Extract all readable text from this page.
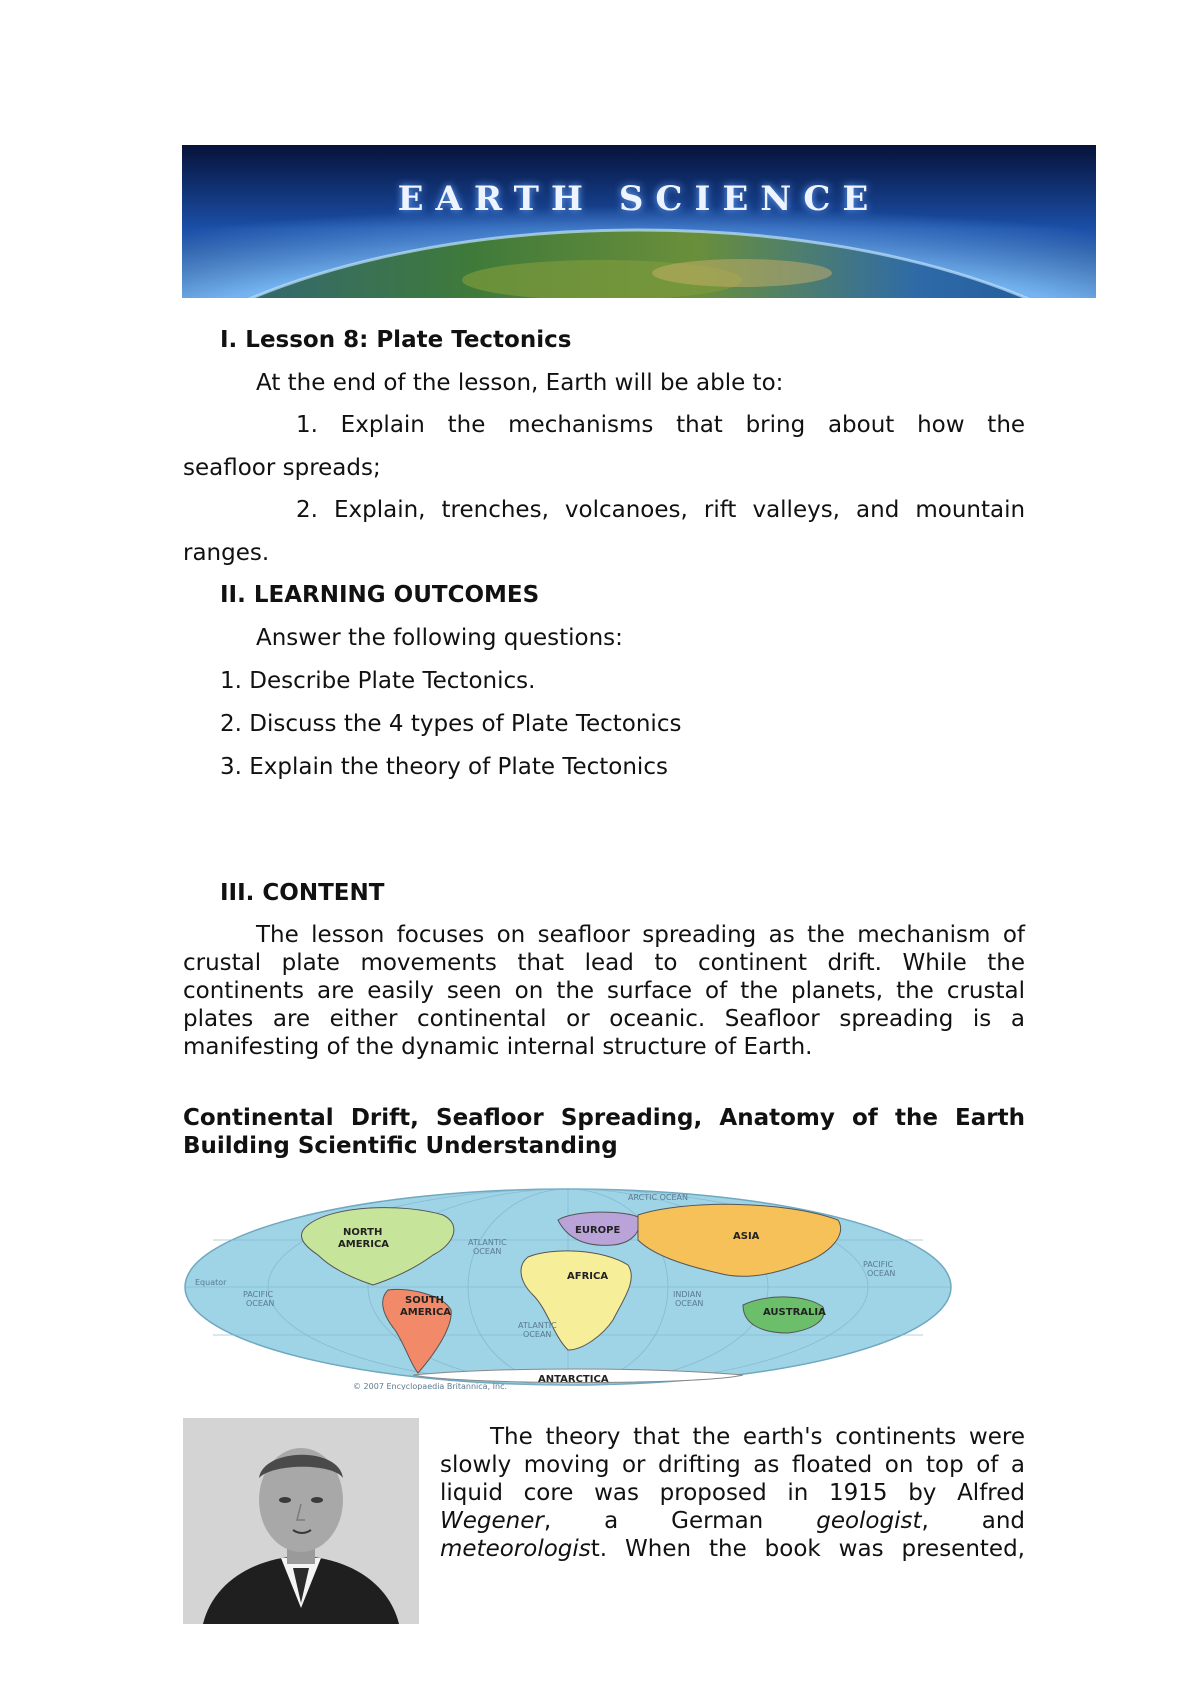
EARTH SCIENCE
I. Lesson 8: Plate Tectonics
At the end of the lesson, Earth will be able to:
1. Explain the mechanisms that bring about how the
seafloor spreads;
2. Explain, trenches, volcanoes, rift valleys, and mountain
ranges.
II. LEARNING OUTCOMES
Answer the following questions:
1. Describe Plate Tectonics.
2. Discuss the 4 types of Plate Tectonics
3. Explain the theory of Plate Tectonics
III. CONTENT
The lesson focuses on seafloor spreading as the mechanism of
crustal plate movements that lead to continent drift. While the
continents are easily seen on the surface of the planets, the crustal
plates are either continental or oceanic. Seafloor spreading is a
manifesting of the dynamic internal structure of Earth.
Continental Drift, Seafloor Spreading, Anatomy of the Earth
Building Scientific Understanding
NORTH
AMERICA
SOUTH
AMERICA
EUROPE
ASIA
AFRICA
AUSTRALIA
ANTARCTICA
ARCTIC OCEAN
ATLANTIC
OCEAN
ATLANTIC
OCEAN
PACIFIC
OCEAN
PACIFIC
OCEAN
INDIAN
OCEAN
Equator
© 2007 Encyclopaedia Britannica, Inc.
The theory that the earth's continents were
slowly moving or drifting as floated on top of a
liquid core was proposed in 1915 by Alfred
Wegener, a German geologist, and
meteorologist. When the book was presented,
